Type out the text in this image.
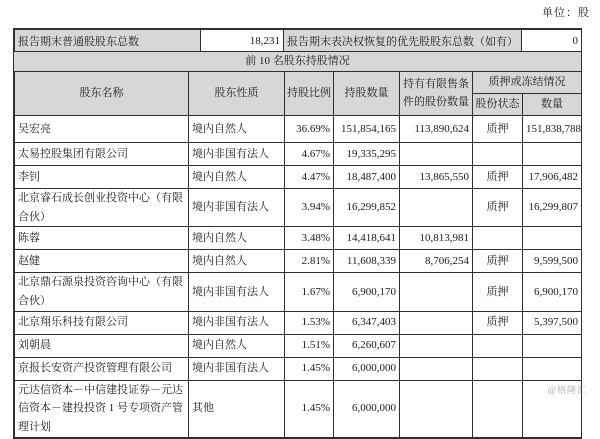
单位：股
报告期末普通股股东总数	18,231	报告期末表决权恢复的优先股股东总数（如有）	0
前 10 名股东持股情况
股东名称	股东性质	持股比例	持股数量	持有有限售条件的股份数量	质押或冻结情况	
					股份状态	数量
吴宏亮	境内自然人	36.69%	151,854,165	113,890,624	质押	151,838,788
太易控股集团有限公司	境内非国有法人	4.67%	19,335,295			
李钊	境内自然人	4.47%	18,487,400	13,865,550	质押	17,906,482
北京睿石成长创业投资中心（有限合伙）	境内非国有法人	3.94%	16,299,852		质押	16,299,807
陈蓉	境内自然人	3.48%	14,418,641	10,813,981		
赵健	境内自然人	2.81%	11,608,339	8,706,254	质押	9,599,500
北京鼎石源泉投资咨询中心（有限合伙）	境内非国有法人	1.67%	6,900,170		质押	6,900,170
北京翔乐科技有限公司	境内非国有法人	1.53%	6,347,403		质押	5,397,500
刘朝晨	境内自然人	1.51%	6,260,607			
京报长安资产投资管理有限公司	境内非国有法人	1.45%	6,000,000			
元达信资本－中信建投证券－元达信资本－建投投资 1 号专项资产管理计划	其他	1.45%	6,000,000			
@格隆汇
